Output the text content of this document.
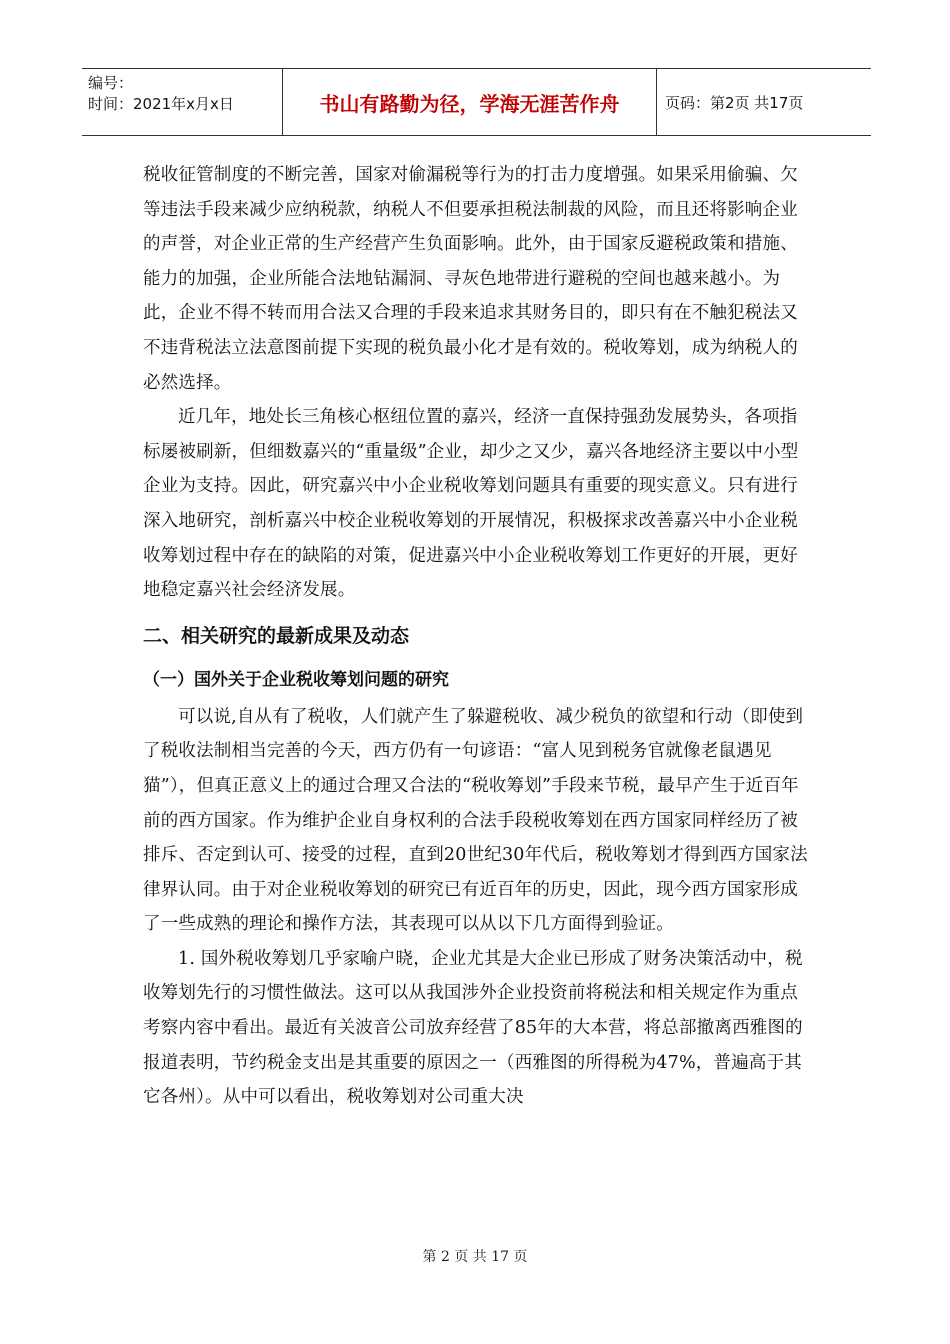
编号：
时间：2021年x月x日	书山有路勤为径，学海无涯苦作舟	页码：第2页 共17页

税收征管制度的不断完善，国家对偷漏税等行为的打击力度增强。如果采用偷骗、欠等违法手段来减少应纳税款，纳税人不但要承担税法制裁的风险，而且还将影响企业的声誉，对企业正常的生产经营产生负面影响。此外，由于国家反避税政策和措施、能力的加强，企业所能合法地钻漏洞、寻灰色地带进行避税的空间也越来越小。为此，企业不得不转而用合法又合理的手段来追求其财务目的，即只有在不触犯税法又不违背税法立法意图前提下实现的税负最小化才是有效的。税收筹划，成为纳税人的必然选择。

近几年，地处长三角核心枢纽位置的嘉兴，经济一直保持强劲发展势头，各项指标屡被刷新，但细数嘉兴的“重量级”企业，却少之又少，嘉兴各地经济主要以中小型企业为支持。因此，研究嘉兴中小企业税收筹划问题具有重要的现实意义。只有进行深入地研究，剖析嘉兴中校企业税收筹划的开展情况，积极探求改善嘉兴中小企业税收筹划过程中存在的缺陷的对策，促进嘉兴中小企业税收筹划工作更好的开展，更好地稳定嘉兴社会经济发展。

二、相关研究的最新成果及动态
（一）国外关于企业税收筹划问题的研究

可以说,自从有了税收，人们就产生了躲避税收、减少税负的欲望和行动（即使到了税收法制相当完善的今天，西方仍有一句谚语：“富人见到税务官就像老鼠遇见猫”），但真正意义上的通过合理又合法的“税收筹划”手段来节税，最早产生于近百年前的西方国家。作为维护企业自身权利的合法手段税收筹划在西方国家同样经历了被排斥、否定到认可、接受的过程，直到20世纪30年代后，税收筹划才得到西方国家法律界认同。由于对企业税收筹划的研究已有近百年的历史，因此，现今西方国家形成了一些成熟的理论和操作方法，其表现可以从以下几方面得到验证。

1. 国外税收筹划几乎家喻户晓，企业尤其是大企业已形成了财务决策活动中，税收筹划先行的习惯性做法。这可以从我国涉外企业投资前将税法和相关规定作为重点考察内容中看出。最近有关波音公司放弃经营了85年的大本营，将总部撤离西雅图的报道表明，节约税金支出是其重要的原因之一（西雅图的所得税为47%，普遍高于其它各州）。从中可以看出，税收筹划对公司重大决

第 2 页 共 17 页
